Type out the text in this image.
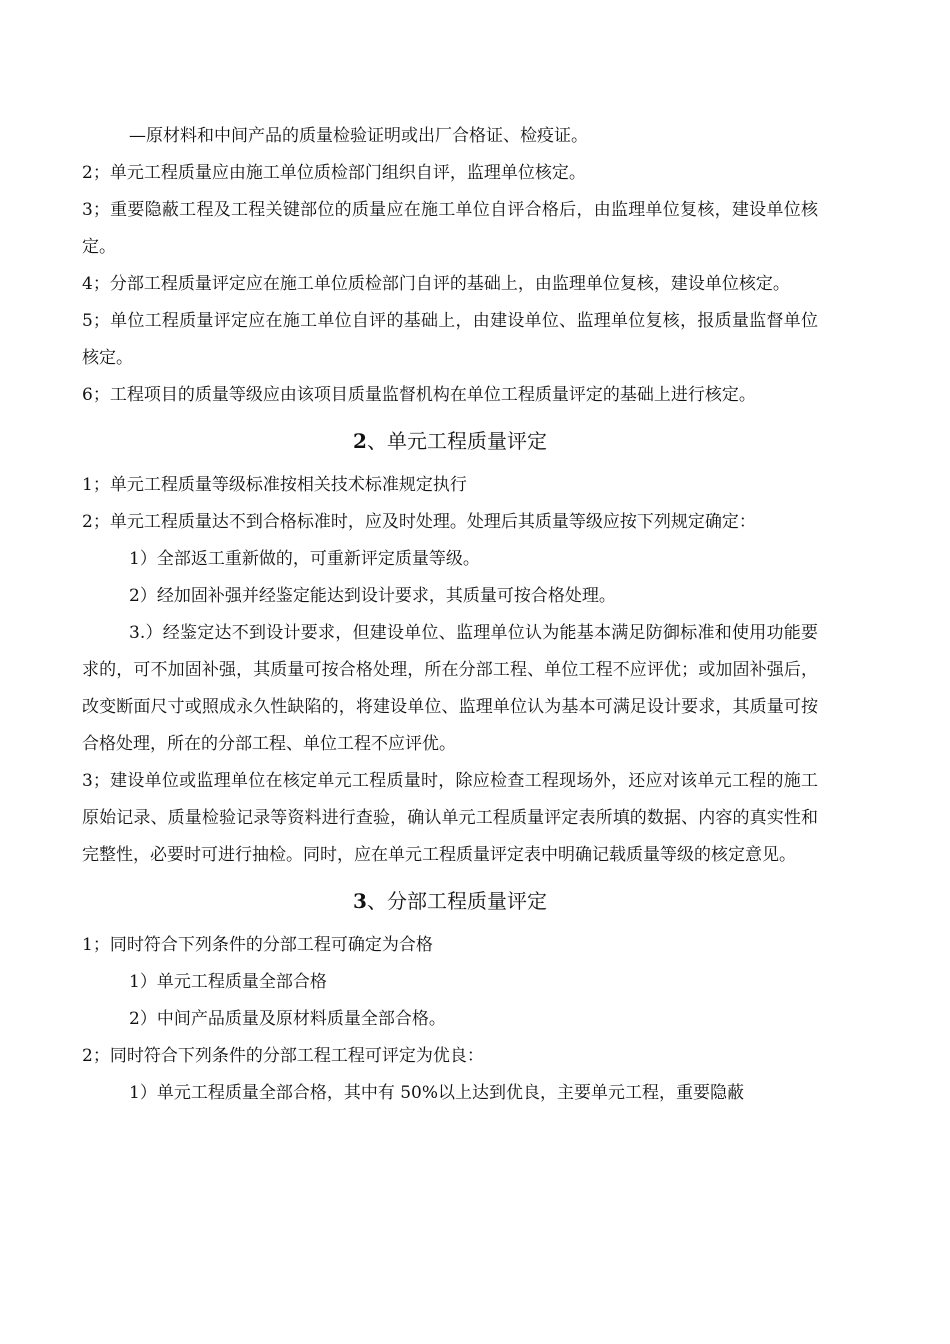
—原材料和中间产品的质量检验证明或出厂合格证、检疫证。

2；单元工程质量应由施工单位质检部门组织自评，监理单位核定。

3；重要隐蔽工程及工程关键部位的质量应在施工单位自评合格后，由监理单位复核，建设单位核定。

4；分部工程质量评定应在施工单位质检部门自评的基础上，由监理单位复核，建设单位核定。

5；单位工程质量评定应在施工单位自评的基础上，由建设单位、监理单位复核，报质量监督单位核定。

6；工程项目的质量等级应由该项目质量监督机构在单位工程质量评定的基础上进行核定。

2、单元工程质量评定

1；单元工程质量等级标准按相关技术标准规定执行

2；单元工程质量达不到合格标准时，应及时处理。处理后其质量等级应按下列规定确定：

1）全部返工重新做的，可重新评定质量等级。

2）经加固补强并经鉴定能达到设计要求，其质量可按合格处理。

3.）经鉴定达不到设计要求，但建设单位、监理单位认为能基本满足防御标准和使用功能要求的，可不加固补强，其质量可按合格处理，所在分部工程、单位工程不应评优；或加固补强后，改变断面尺寸或照成永久性缺陷的，将建设单位、监理单位认为基本可满足设计要求，其质量可按合格处理，所在的分部工程、单位工程不应评优。

3；建设单位或监理单位在核定单元工程质量时，除应检查工程现场外，还应对该单元工程的施工原始记录、质量检验记录等资料进行查验，确认单元工程质量评定表所填的数据、内容的真实性和完整性，必要时可进行抽检。同时，应在单元工程质量评定表中明确记载质量等级的核定意见。

3、分部工程质量评定

1；同时符合下列条件的分部工程可确定为合格

1）单元工程质量全部合格

2）中间产品质量及原材料质量全部合格。

2；同时符合下列条件的分部工程工程可评定为优良：

1）单元工程质量全部合格，其中有 50%以上达到优良，主要单元工程，重要隐蔽
